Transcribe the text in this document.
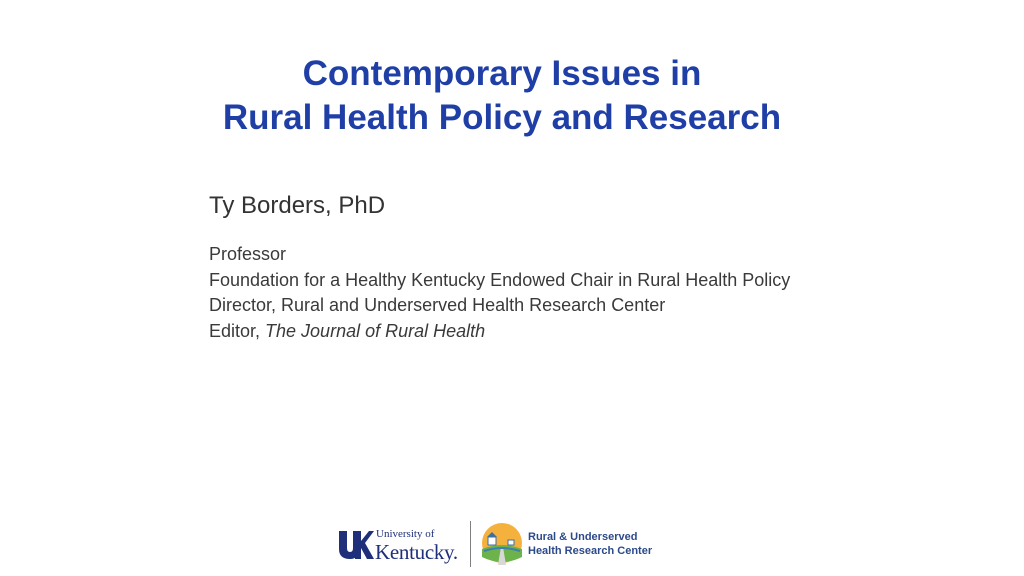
Contemporary Issues in
Rural Health Policy and Research
Ty Borders, PhD
Professor
Foundation for a Healthy Kentucky Endowed Chair in Rural Health Policy
Director, Rural and Underserved Health Research Center
Editor, The Journal of Rural Health
University of
Kentucky.
Rural & Underserved
Health Research Center
